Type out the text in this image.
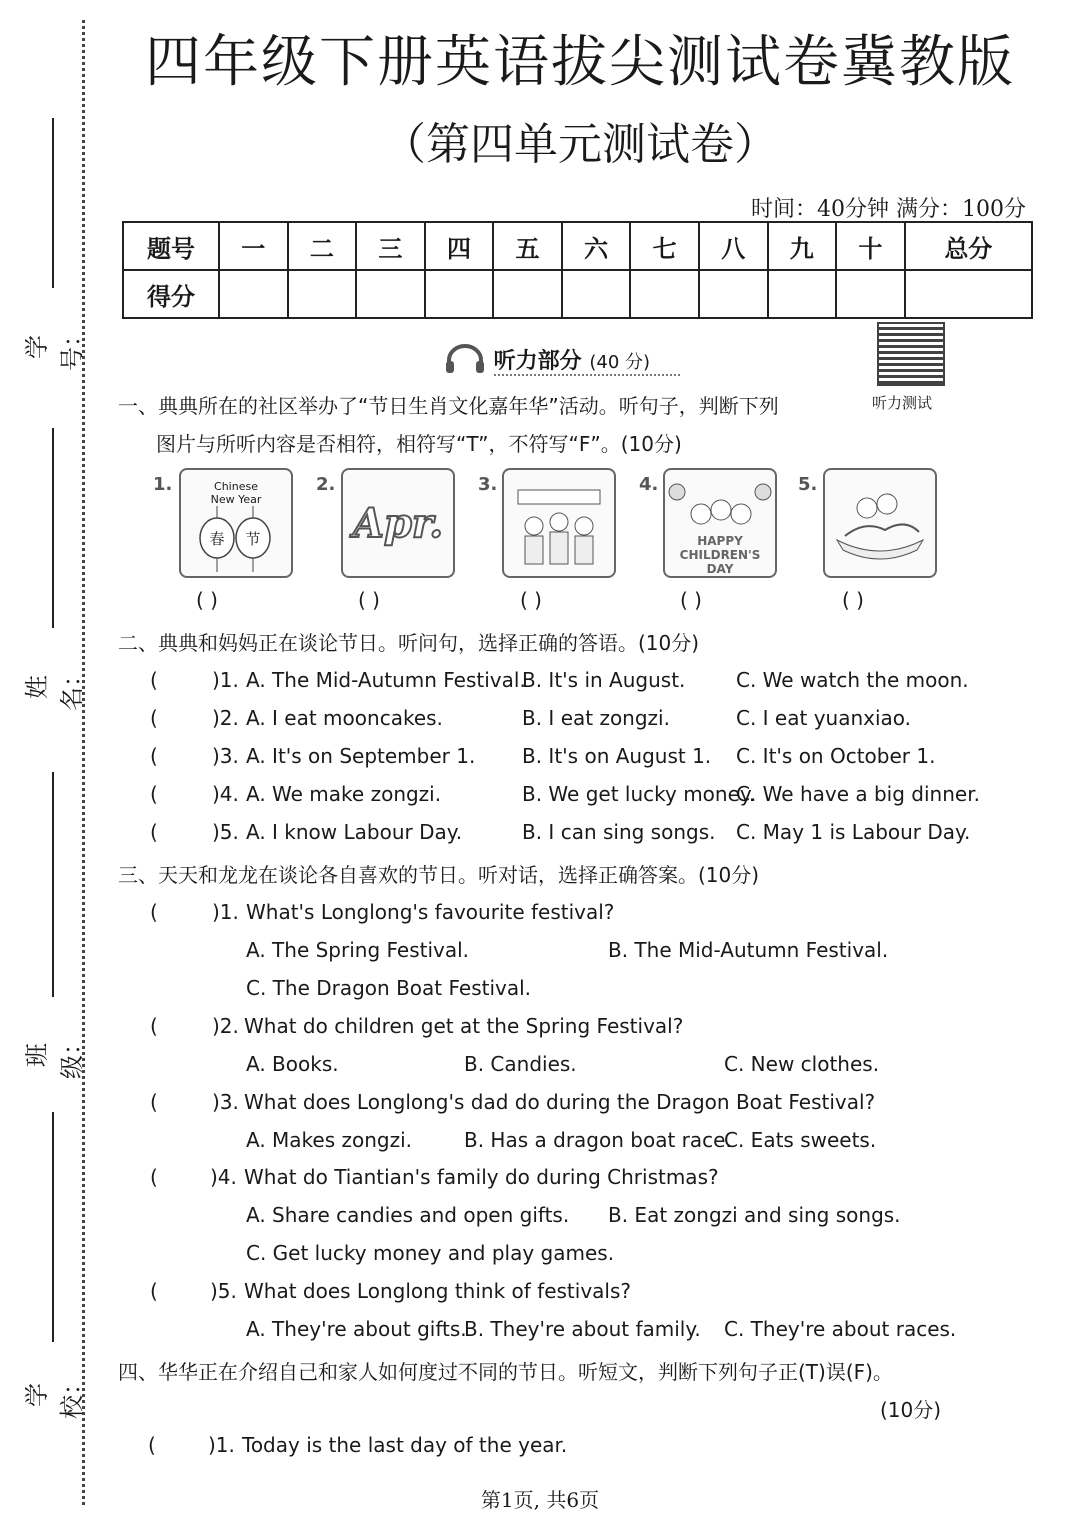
四年级下册英语拔尖测试卷冀教版
（第四单元测试卷）
时间：40分钟 满分：100分
学号：
姓名：
班级：
学校：
题号	一	二	三	四	五	六	七	八	九	十	总分
得分											
听力测试
听力部分 (40 分)
一、典典所在的社区举办了“节日生肖文化嘉年华”活动。听句子，判断下列
图片与所听内容是否相符，相符写“T”，不符写“F”。(10分)
1.	Chinese New Year
春 节
2.
Apr.
3.	4.
HAPPY CHILDREN'S DAY
5.
( )	( )	( )	( )	( )
二、典典和妈妈正在谈论节日。听问句，选择正确的答语。(10分)
(	)1. A. The Mid-Autumn Festival.
B. It's in August.	C. We watch the moon.
(	)2. A. I eat mooncakes.	B. I eat zongzi.	C. I eat yuanxiao.
(	)3. A. It's on September 1. B. It's on August 1. C. It's on October 1.
(	)4. A. We make zongzi.	B. We get lucky money.
C. We have a big dinner.
(	)5. A. I know Labour Day.	B. I can sing songs. C. May 1 is Labour Day.
三、天天和龙龙在谈论各自喜欢的节日。听对话，选择正确答案。(10分)
(	)1. What's Longlong's favourite festival?
A. The Spring Festival.	B. The Mid-Autumn Festival.
C. The Dragon Boat Festival.
(	)2. What do children get at the Spring Festival?
A. Books.	B. Candies.	C. New clothes.
(	)3. What does Longlong's dad do during the Dragon Boat Festival?
A. Makes zongzi.	B. Has a dragon boat race.
C. Eats sweets.
(	)4. What do Tiantian's family do during Christmas?
A. Share candies and open gifts. B. Eat zongzi and sing songs.
C. Get lucky money and play games.
(	)5. What does Longlong think of festivals?
A. They're about gifts.
B. They're about family. C. They're about races.
四、华华正在介绍自己和家人如何度过不同的节日。听短文，判断下列句子正(T)误(F)。
(10分)
(	)1. Today is the last day of the year.
第1页, 共6页
